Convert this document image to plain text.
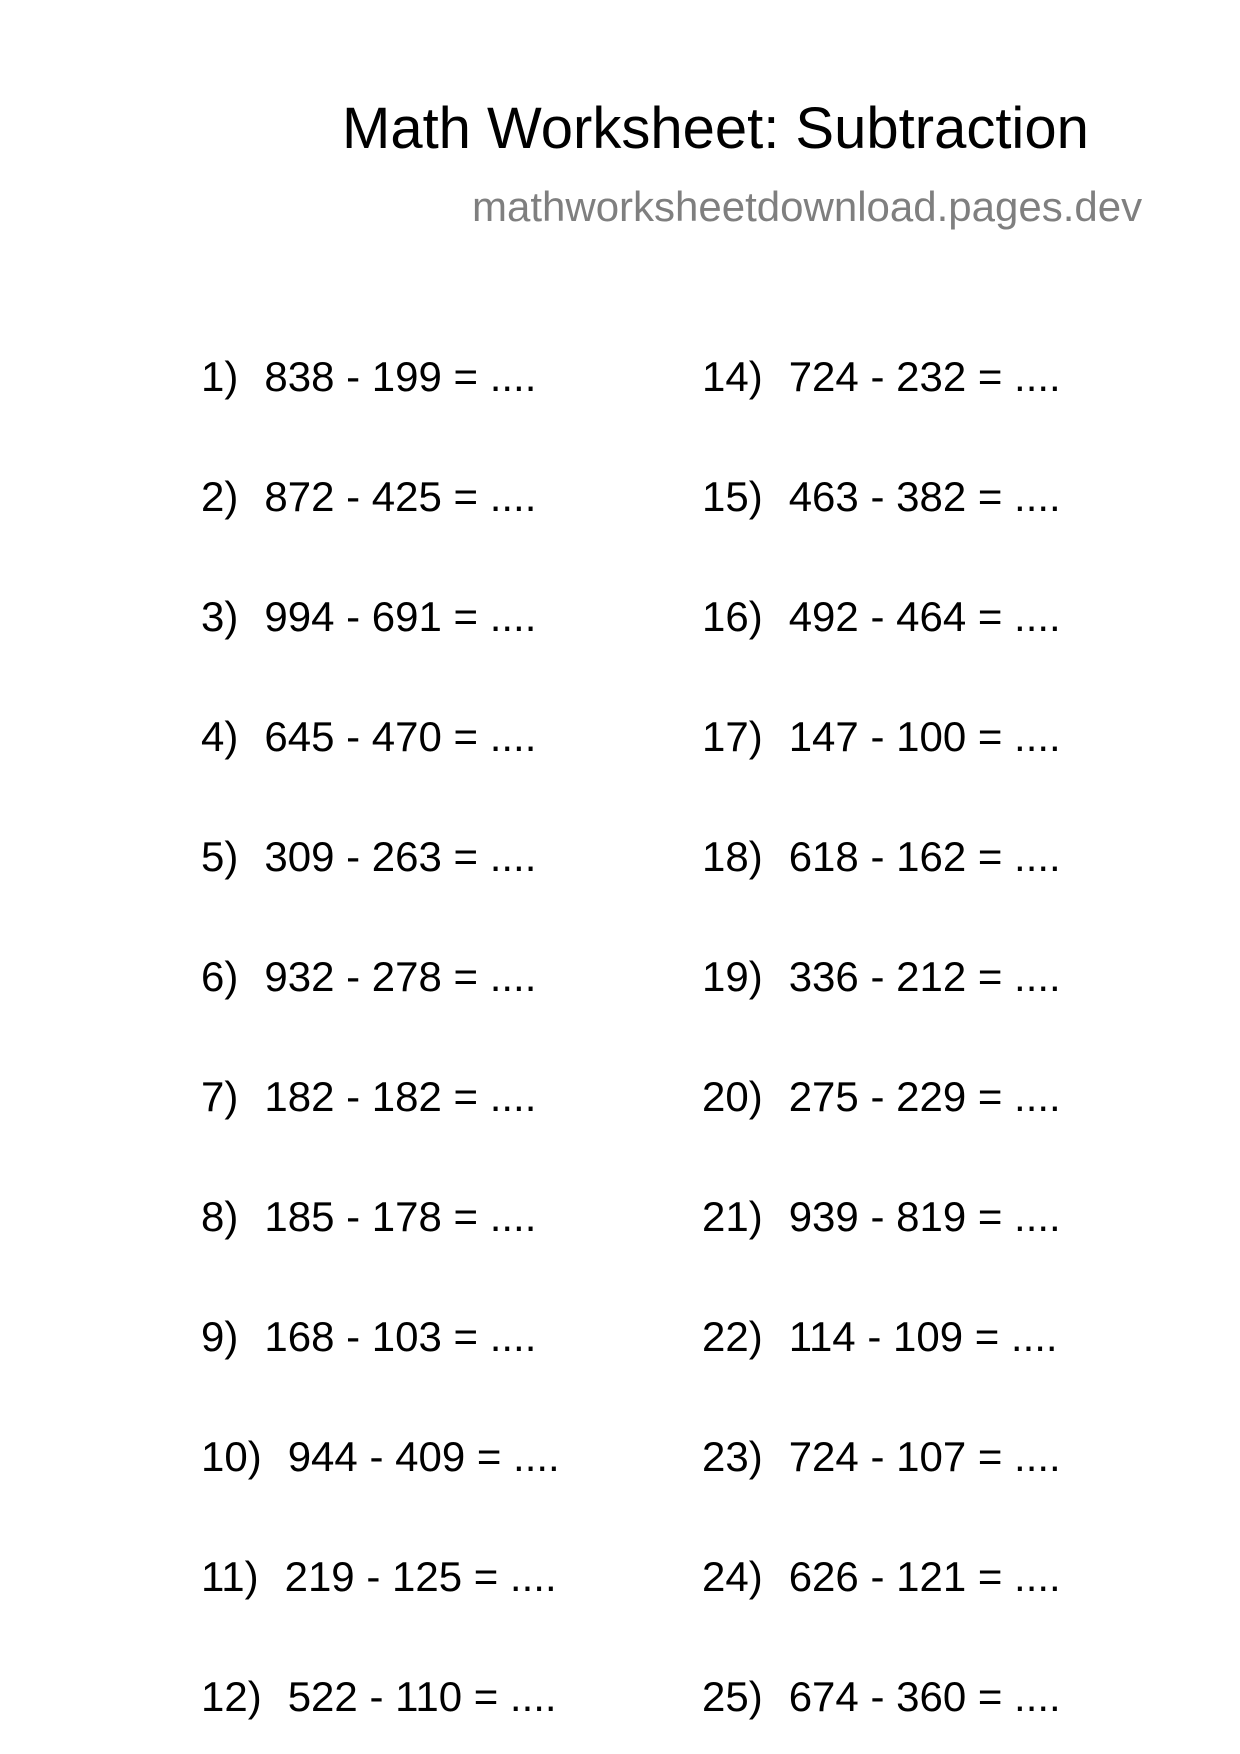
Math Worksheet: Subtraction
mathworksheetdownload.pages.dev
1) 838 - 199 = ....
2) 872 - 425 = ....
3) 994 - 691 = ....
4) 645 - 470 = ....
5) 309 - 263 = ....
6) 932 - 278 = ....
7) 182 - 182 = ....
8) 185 - 178 = ....
9) 168 - 103 = ....
10) 944 - 409 = ....
11) 219 - 125 = ....
12) 522 - 110 = ....
14) 724 - 232 = ....
15) 463 - 382 = ....
16) 492 - 464 = ....
17) 147 - 100 = ....
18) 618 - 162 = ....
19) 336 - 212 = ....
20) 275 - 229 = ....
21) 939 - 819 = ....
22) 114 - 109 = ....
23) 724 - 107 = ....
24) 626 - 121 = ....
25) 674 - 360 = ....
